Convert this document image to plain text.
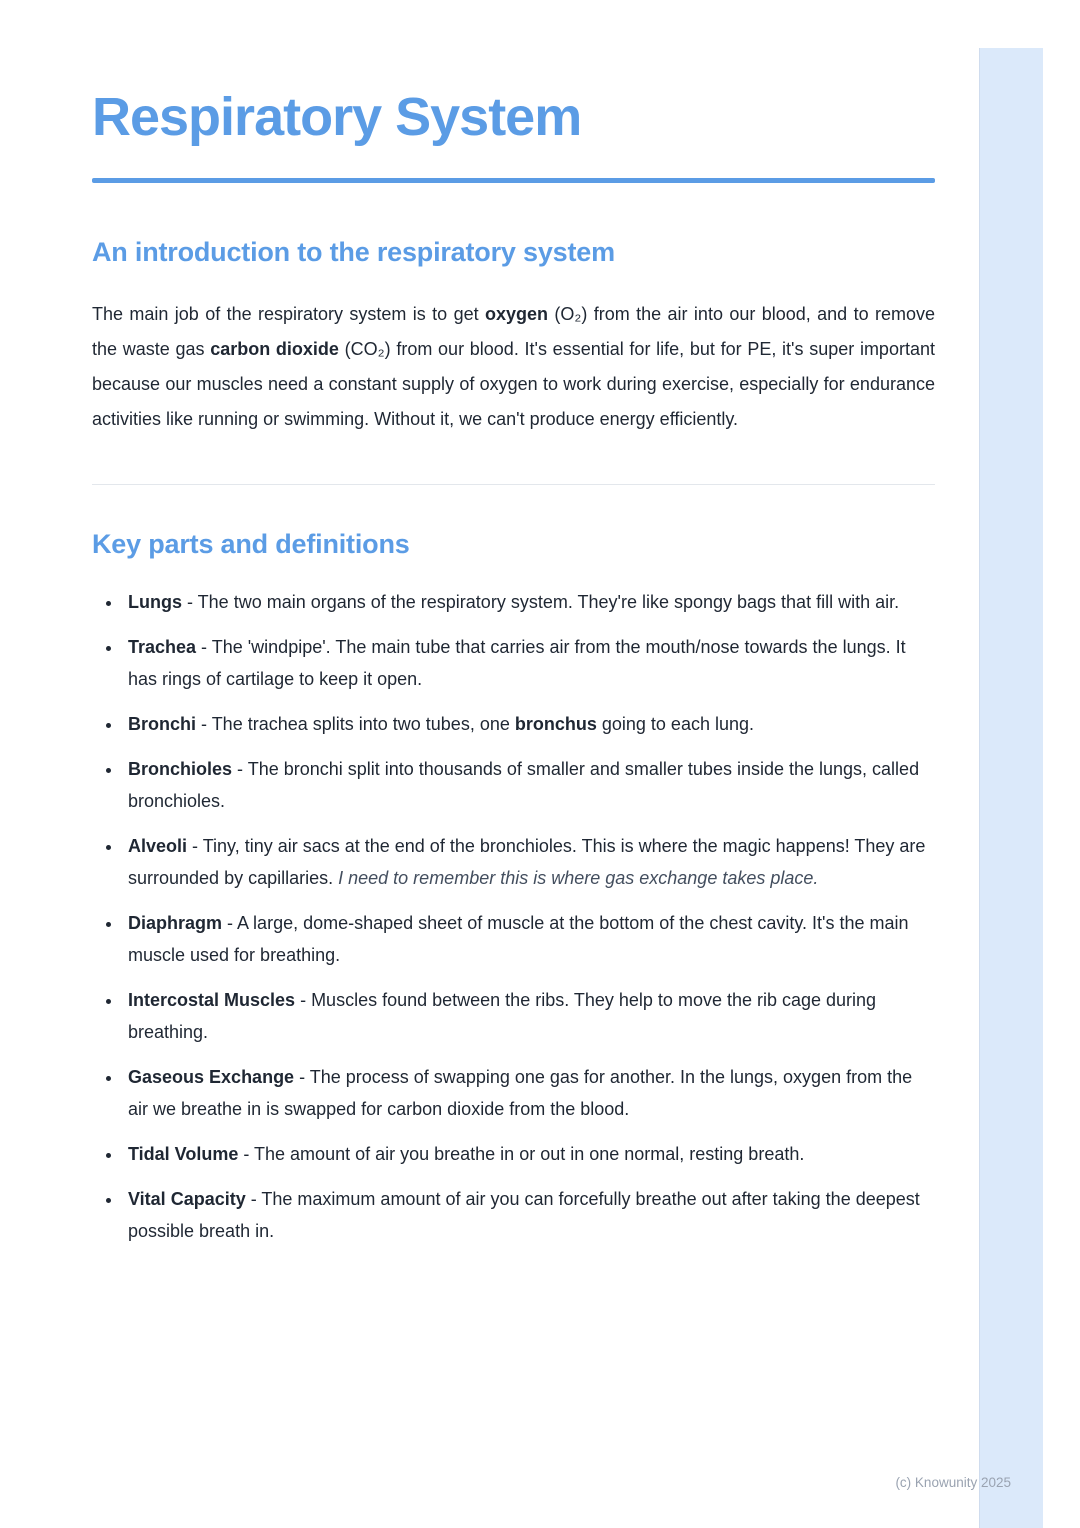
Respiratory System
An introduction to the respiratory system

The main job of the respiratory system is to get oxygen (O₂) from the air into our blood, and to remove the waste gas carbon dioxide (CO₂) from our blood. It's essential for life, but for PE, it's super important because our muscles need a constant supply of oxygen to work during exercise, especially for endurance activities like running or swimming. Without it, we can't produce energy efficiently.

Key parts and definitions
• Lungs - The two main organs of the respiratory system. They're like spongy bags that fill with air.
• Trachea - The 'windpipe'. The main tube that carries air from the mouth/nose towards the lungs. It has rings of cartilage to keep it open.
• Bronchi - The trachea splits into two tubes, one bronchus going to each lung.
• Bronchioles - The bronchi split into thousands of smaller and smaller tubes inside the lungs, called bronchioles.
• Alveoli - Tiny, tiny air sacs at the end of the bronchioles. This is where the magic happens! They are surrounded by capillaries. I need to remember this is where gas exchange takes place.
• Diaphragm - A large, dome-shaped sheet of muscle at the bottom of the chest cavity. It's the main muscle used for breathing.
• Intercostal Muscles - Muscles found between the ribs. They help to move the rib cage during breathing.
• Gaseous Exchange - The process of swapping one gas for another. In the lungs, oxygen from the air we breathe in is swapped for carbon dioxide from the blood.
• Tidal Volume - The amount of air you breathe in or out in one normal, resting breath.
• Vital Capacity - The maximum amount of air you can forcefully breathe out after taking the deepest possible breath in.
(c) Knowunity 2025
